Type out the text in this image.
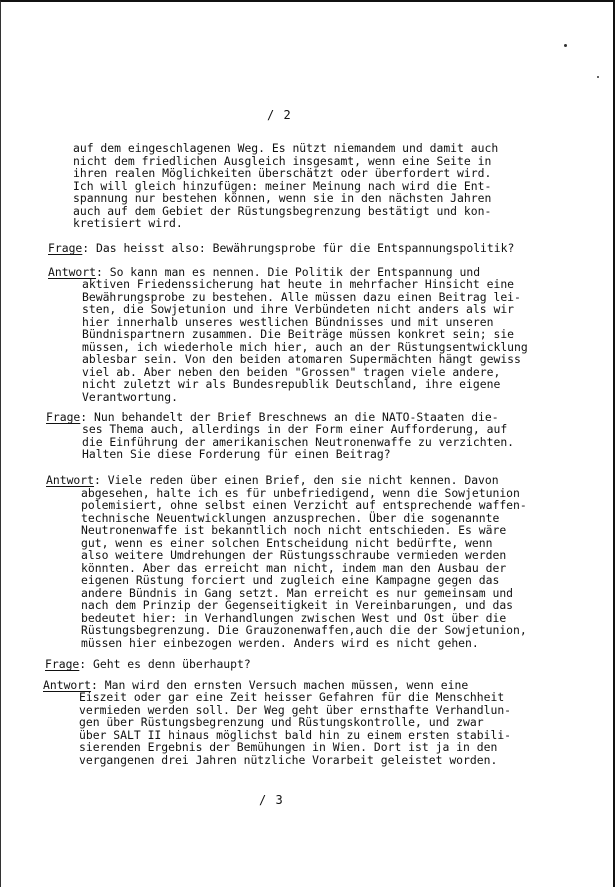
/ 2
auf dem eingeschlagenen Weg. Es nützt niemandem und damit auch
nicht dem friedlichen Ausgleich insgesamt, wenn eine Seite in
ihren realen Möglichkeiten überschätzt oder überfordert wird.
Ich will gleich hinzufügen: meiner Meinung nach wird die Ent-
spannung nur bestehen können, wenn sie in den nächsten Jahren
auch auf dem Gebiet der Rüstungsbegrenzung bestätigt und kon-
kretisiert wird.
Frage: Das heisst also: Bewährungsprobe für die Entspannungspolitik?
Antwort: So kann man es nennen. Die Politik der Entspannung und
aktiven Friedenssicherung hat heute in mehrfacher Hinsicht eine
Bewährungsprobe zu bestehen. Alle müssen dazu einen Beitrag lei-
sten, die Sowjetunion und ihre Verbündeten nicht anders als wir
hier innerhalb unseres westlichen Bündnisses und mit unseren
Bündnispartnern zusammen. Die Beiträge müssen konkret sein; sie
müssen, ich wiederhole mich hier, auch an der Rüstungsentwicklung
ablesbar sein. Von den beiden atomaren Supermächten hängt gewiss
viel ab. Aber neben den beiden "Grossen" tragen viele andere,
nicht zuletzt wir als Bundesrepublik Deutschland, ihre eigene
Verantwortung.
Frage: Nun behandelt der Brief Breschnews an die NATO-Staaten die-
ses Thema auch, allerdings in der Form einer Aufforderung, auf
die Einführung der amerikanischen Neutronenwaffe zu verzichten.
Halten Sie diese Forderung für einen Beitrag?
Antwort: Viele reden über einen Brief, den sie nicht kennen. Davon
abgesehen, halte ich es für unbefriedigend, wenn die Sowjetunion
polemisiert, ohne selbst einen Verzicht auf entsprechende waffen-
technische Neuentwicklungen anzusprechen. Über die sogenannte
Neutronenwaffe ist bekanntlich noch nicht entschieden. Es wäre
gut, wenn es einer solchen Entscheidung nicht bedürfte, wenn
also weitere Umdrehungen der Rüstungsschraube vermieden werden
könnten. Aber das erreicht man nicht, indem man den Ausbau der
eigenen Rüstung forciert und zugleich eine Kampagne gegen das
andere Bündnis in Gang setzt. Man erreicht es nur gemeinsam und
nach dem Prinzip der Gegenseitigkeit in Vereinbarungen, und das
bedeutet hier: in Verhandlungen zwischen West und Ost über die
Rüstungsbegrenzung. Die Grauzonenwaffen,auch die der Sowjetunion,
müssen hier einbezogen werden. Anders wird es nicht gehen.
Frage: Geht es denn überhaupt?
Antwort: Man wird den ernsten Versuch machen müssen, wenn eine
Eiszeit oder gar eine Zeit heisser Gefahren für die Menschheit
vermieden werden soll. Der Weg geht über ernsthafte Verhandlun-
gen über Rüstungsbegrenzung und Rüstungskontrolle, und zwar
über SALT II hinaus möglichst bald hin zu einem ersten stabili-
sierenden Ergebnis der Bemühungen in Wien. Dort ist ja in den
vergangenen drei Jahren nützliche Vorarbeit geleistet worden.
/ 3
